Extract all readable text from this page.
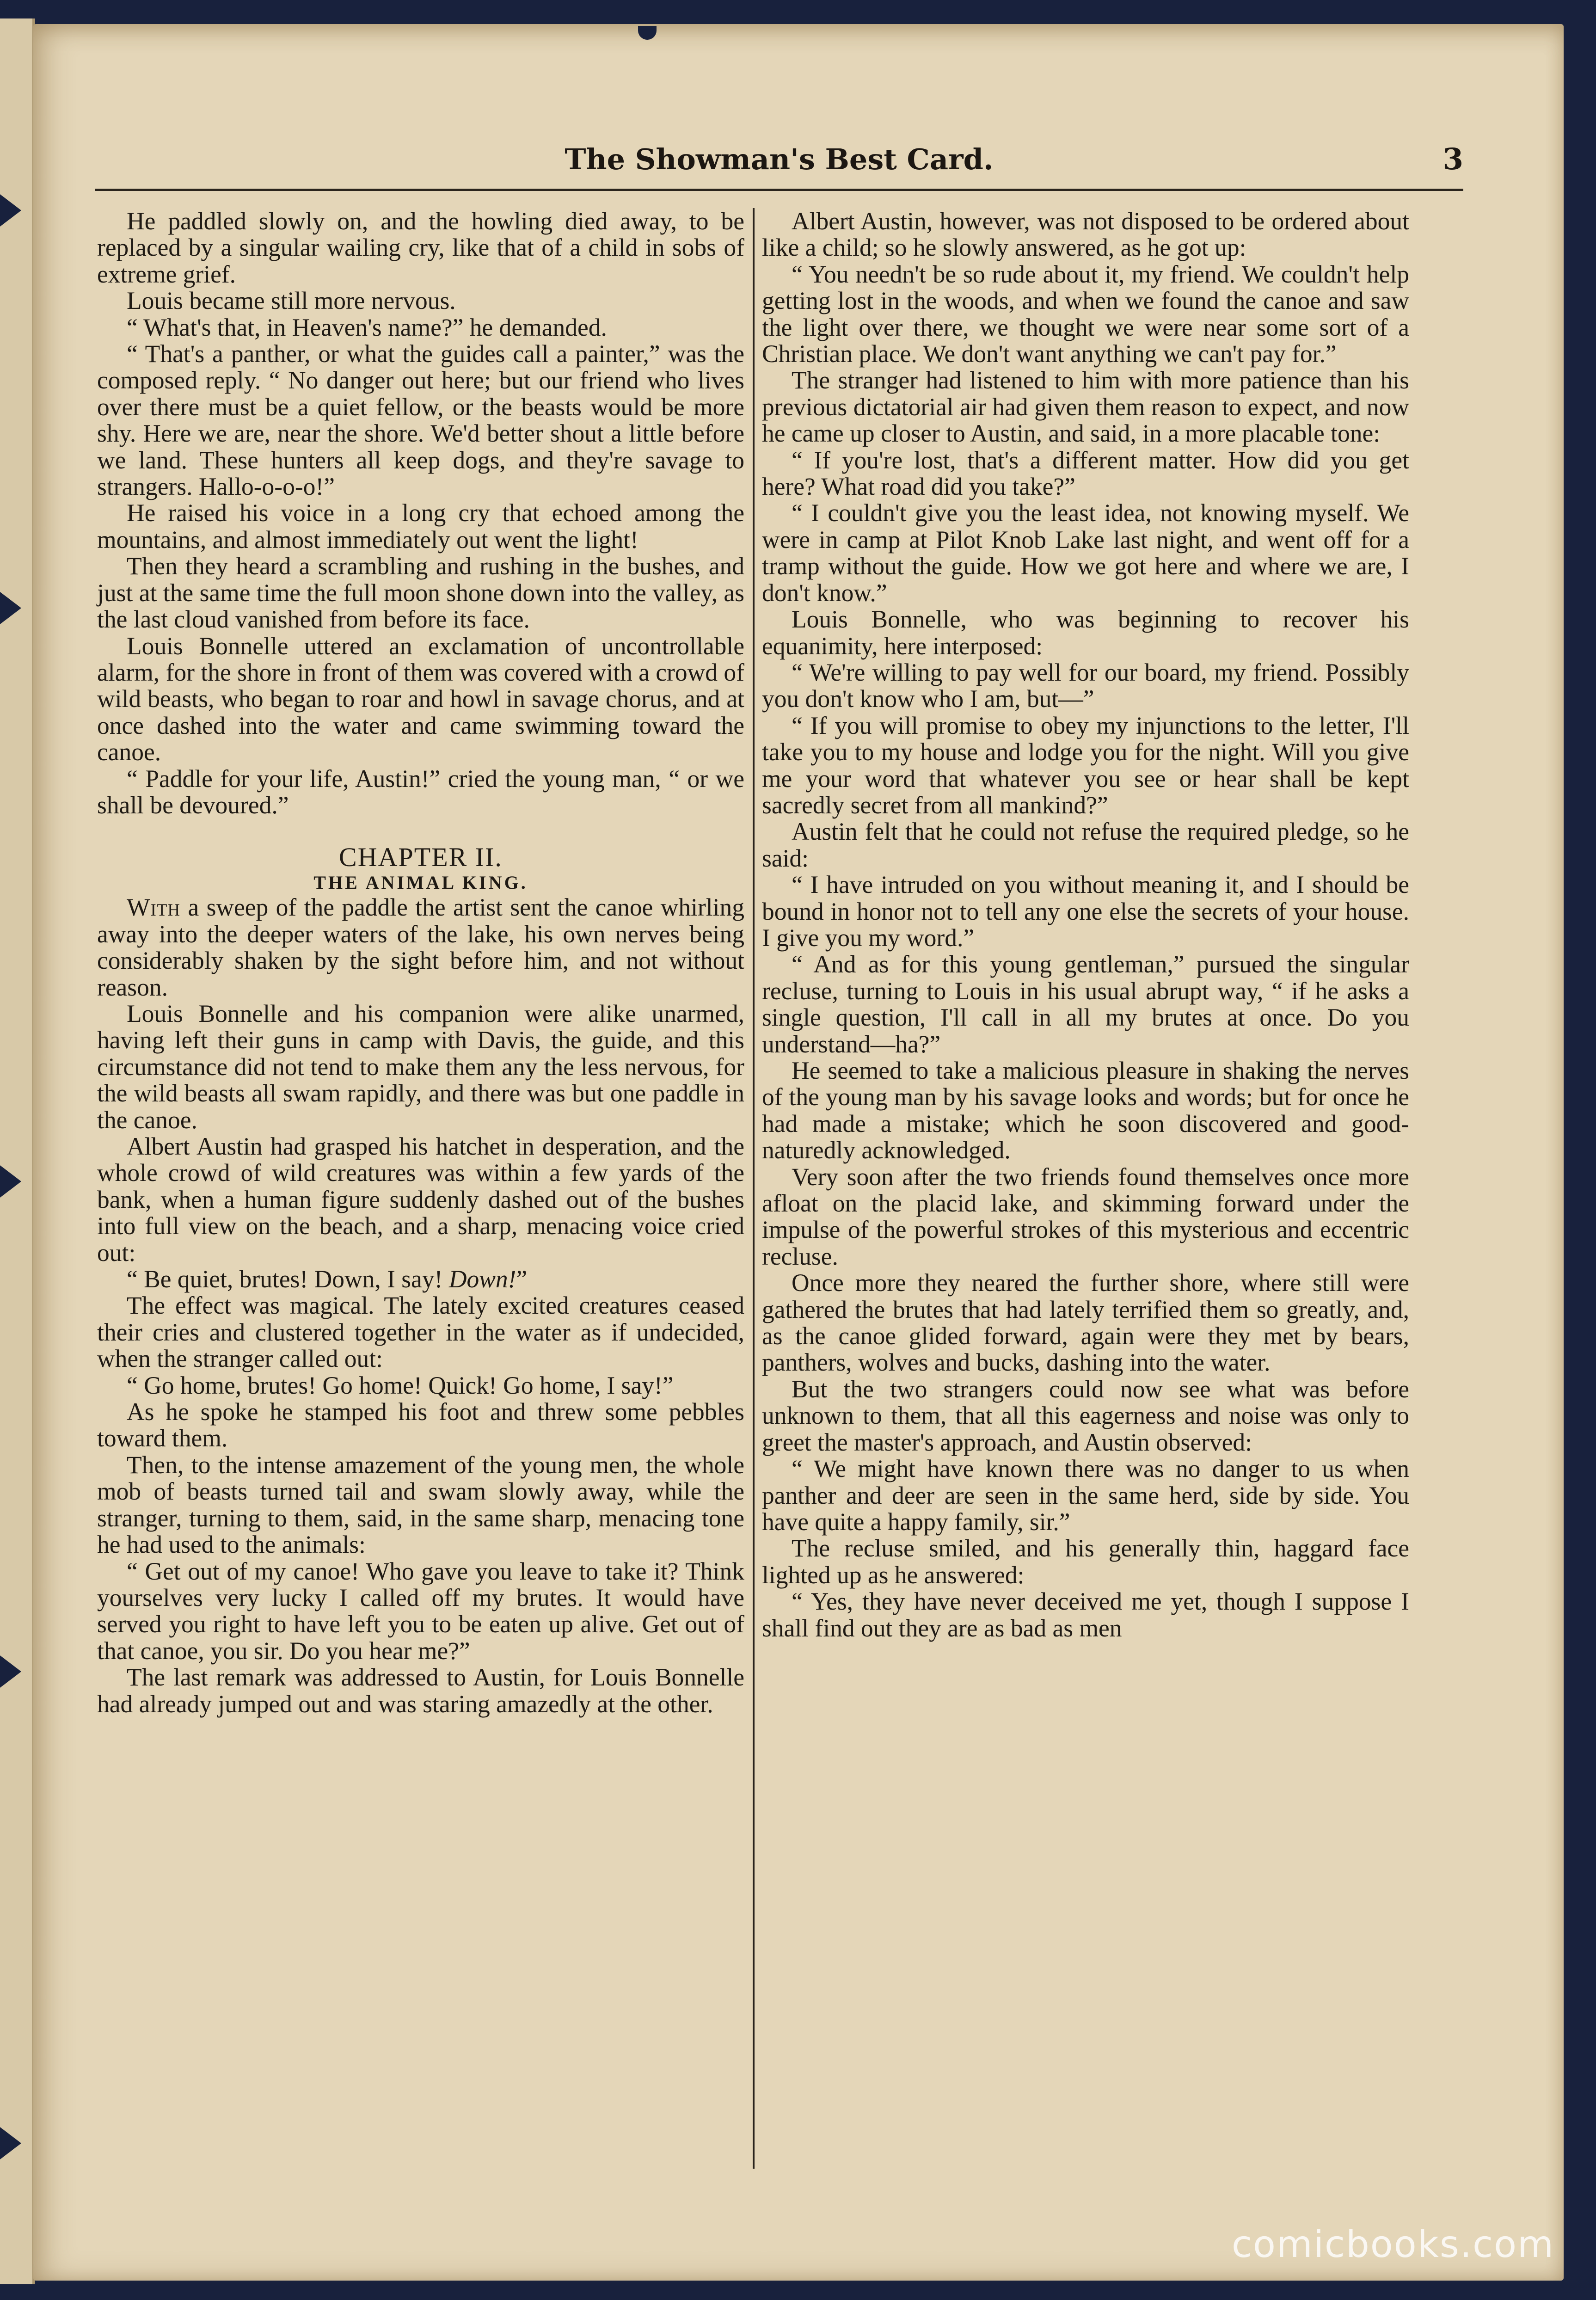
The Showman's Best Card.	3

He paddled slowly on, and the howling died away, to be replaced by a singular wailing cry, like that of a child in sobs of extreme grief.

Louis became still more nervous.

“ What's that, in Heaven's name?” he demanded.

“ That's a panther, or what the guides call a painter,” was the composed reply. “ No danger out here; but our friend who lives over there must be a quiet fellow, or the beasts would be more shy. Here we are, near the shore. We'd better shout a little before we land. These hunters all keep dogs, and they're savage to strangers. Hallo-o-o-o!”

He raised his voice in a long cry that echoed among the mountains, and almost immediately out went the light!

Then they heard a scrambling and rushing in the bushes, and just at the same time the full moon shone down into the valley, as the last cloud vanished from before its face.

Louis Bonnelle uttered an exclamation of uncontrollable alarm, for the shore in front of them was covered with a crowd of wild beasts, who began to roar and howl in savage chorus, and at once dashed into the water and came swimming toward the canoe.

“ Paddle for your life, Austin!” cried the young man, “ or we shall be devoured.”

CHAPTER II.
THE ANIMAL KING.

With a sweep of the paddle the artist sent the canoe whirling away into the deeper waters of the lake, his own nerves being considerably shaken by the sight before him, and not without reason.

Louis Bonnelle and his companion were alike unarmed, having left their guns in camp with Davis, the guide, and this circumstance did not tend to make them any the less nervous, for the wild beasts all swam rapidly, and there was but one paddle in the canoe.

Albert Austin had grasped his hatchet in desperation, and the whole crowd of wild creatures was within a few yards of the bank, when a human figure suddenly dashed out of the bushes into full view on the beach, and a sharp, menacing voice cried out:

“ Be quiet, brutes! Down, I say! Down!”

The effect was magical. The lately excited creatures ceased their cries and clustered together in the water as if undecided, when the stranger called out:

“ Go home, brutes! Go home! Quick! Go home, I say!”

As he spoke he stamped his foot and threw some pebbles toward them.

Then, to the intense amazement of the young men, the whole mob of beasts turned tail and swam slowly away, while the stranger, turning to them, said, in the same sharp, menacing tone he had used to the animals:

“ Get out of my canoe! Who gave you leave to take it? Think yourselves very lucky I called off my brutes. It would have served you right to have left you to be eaten up alive. Get out of that canoe, you sir. Do you hear me?”

The last remark was addressed to Austin, for Louis Bonnelle had already jumped out and was staring amazedly at the other.

Albert Austin, however, was not disposed to be ordered about like a child; so he slowly answered, as he got up:

“ You needn't be so rude about it, my friend. We couldn't help getting lost in the woods, and when we found the canoe and saw the light over there, we thought we were near some sort of a Christian place. We don't want anything we can't pay for.”

The stranger had listened to him with more patience than his previous dictatorial air had given them reason to expect, and now he came up closer to Austin, and said, in a more placable tone:

“ If you're lost, that's a different matter. How did you get here? What road did you take?”

“ I couldn't give you the least idea, not knowing myself. We were in camp at Pilot Knob Lake last night, and went off for a tramp without the guide. How we got here and where we are, I don't know.”

Louis Bonnelle, who was beginning to recover his equanimity, here interposed:

“ We're willing to pay well for our board, my friend. Possibly you don't know who I am, but—”

“ If you will promise to obey my injunctions to the letter, I'll take you to my house and lodge you for the night. Will you give me your word that whatever you see or hear shall be kept sacredly secret from all mankind?”

Austin felt that he could not refuse the required pledge, so he said:

“ I have intruded on you without meaning it, and I should be bound in honor not to tell any one else the secrets of your house. I give you my word.”

“ And as for this young gentleman,” pursued the singular recluse, turning to Louis in his usual abrupt way, “ if he asks a single question, I'll call in all my brutes at once. Do you understand—ha?”

He seemed to take a malicious pleasure in shaking the nerves of the young man by his savage looks and words; but for once he had made a mistake; which he soon discovered and good-naturedly acknowledged.

Very soon after the two friends found themselves once more afloat on the placid lake, and skimming forward under the impulse of the powerful strokes of this mysterious and eccentric recluse.

Once more they neared the further shore, where still were gathered the brutes that had lately terrified them so greatly, and, as the canoe glided forward, again were they met by bears, panthers, wolves and bucks, dashing into the water.

But the two strangers could now see what was before unknown to them, that all this eagerness and noise was only to greet the master's approach, and Austin observed:

“ We might have known there was no danger to us when panther and deer are seen in the same herd, side by side. You have quite a happy family, sir.”

The recluse smiled, and his generally thin, haggard face lighted up as he answered:

“ Yes, they have never deceived me yet, though I suppose I shall find out they are as bad as men

comicbooks.com
